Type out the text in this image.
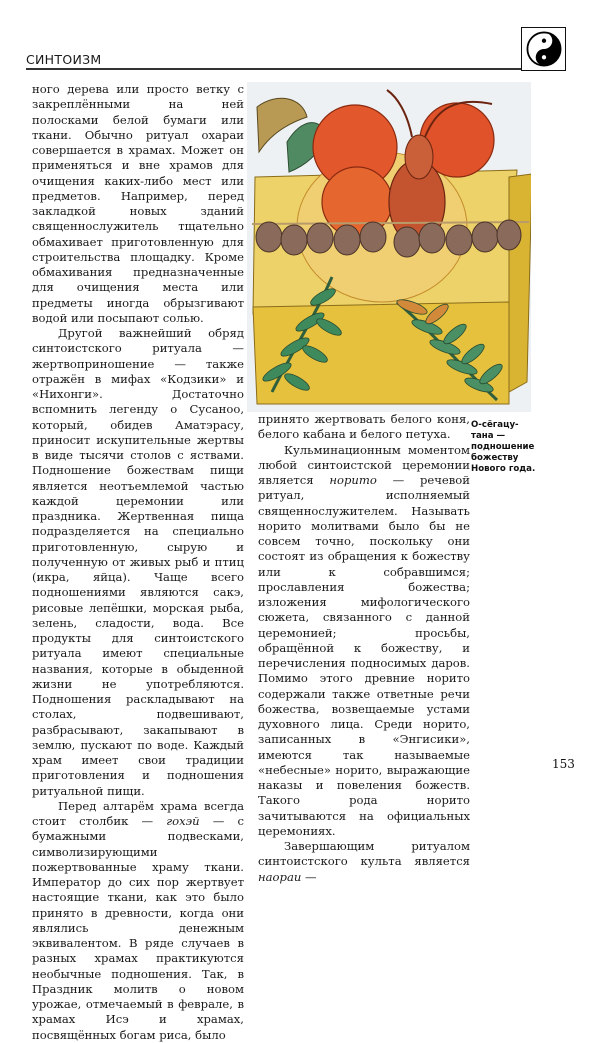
СИНТОИЗМ

ного дерева или просто ветку с закреплёнными на ней полосками белой бумаги или ткани. Обычно ритуал охараи совершается в храмах. Может он применяться и вне храмов для очищения каких-либо мест или предметов. Например, перед закладкой новых зданий священнослужитель тщательно обмахивает приготовленную для строительства площадку. Кроме обмахивания предназначенные для очищения места или предметы иногда обрызгивают водой или посыпают солью.

Другой важнейший обряд синтоистского ритуала — жертвоприношение — также отражён в мифах «Кодзики» и «Нихонги». Достаточно вспомнить легенду о Сусаноо, который, обидев Аматэрасу, приносит искупительные жертвы в виде тысячи столов с яствами. Подношение божествам пищи является неотъемлемой частью каждой церемонии или праздника. Жертвенная пища подразделяется на специально приготовленную, сырую и полученную от живых рыб и птиц (икра, яйца). Чаще всего подношениями являются сакэ, рисовые лепёшки, морская рыба, зелень, сладости, вода. Все продукты для синтоистского ритуала имеют специальные названия, которые в обыденной жизни не употребляются. Подношения раскладывают на столах, подвешивают, разбрасывают, закапывают в землю, пускают по воде. Каждый храм имеет свои традиции приготовления и подношения ритуальной пищи.

Перед алтарём храма всегда стоит столбик — гохэй — с бумажными подвесками, символизирующими пожертвованные храму ткани. Император до сих пор жертвует настоящие ткани, как это было принято в древности, когда они являлись денежным эквивалентом. В ряде случаев в разных храмах практикуются необычные подношения. Так, в Праздник молитв о новом урожае, отмечаемый в феврале, в храмах Исэ и храмах, посвящённых богам риса, было

О-сёгацу-
тана —
подношение
божеству
Нового года.

принято жертвовать белого коня, белого кабана и белого петуха.

Кульминационным моментом любой синтоистской церемонии является норито — речевой ритуал, исполняемый священнослужителем. Называть норито молитвами было бы не совсем точно, поскольку они состоят из обращения к божеству или к собравшимся; прославления божества; изложения мифологического сюжета, связанного с данной церемонией; просьбы, обращённой к божеству, и перечисления подносимых даров. Помимо этого древние норито содержали также ответные речи божества, возвещаемые устами духовного лица. Среди норито, записанных в «Энгисики», имеются так называемые «небесные» норито, выражающие наказы и повеления божеств. Такого рода норито зачитываются на официальных церемониях.

Завершающим ритуалом синтоистского культа является наораи —

153
